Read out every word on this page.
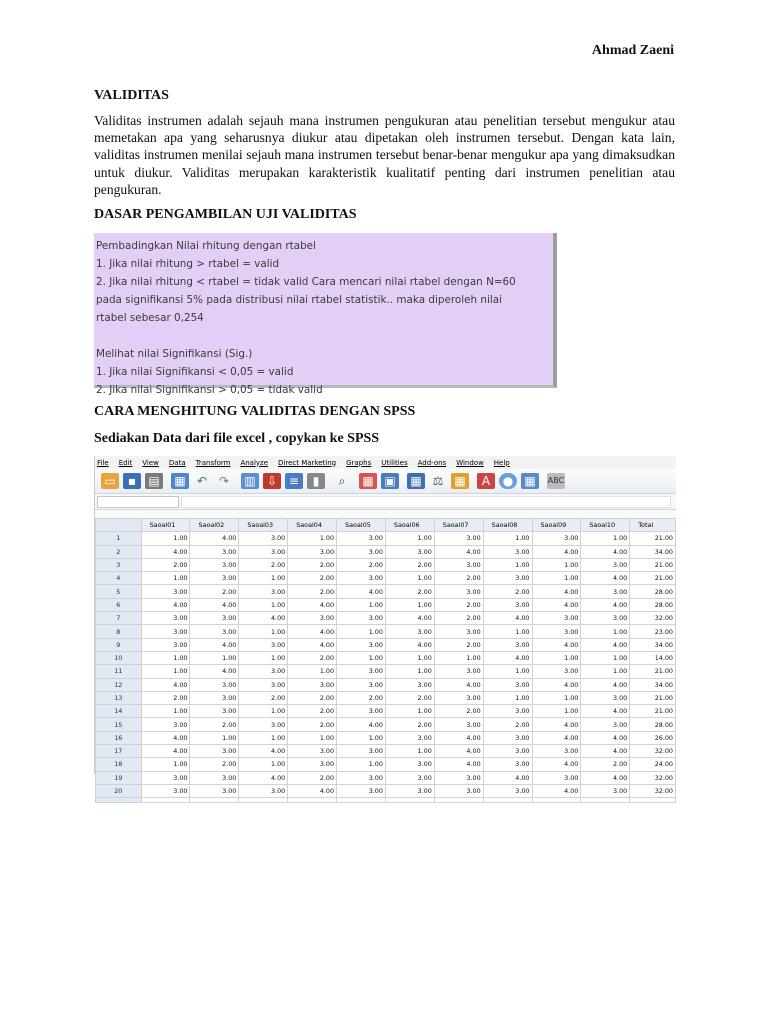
Ahmad Zaeni
VALIDITAS

Validitas instrumen adalah sejauh mana instrumen pengukuran atau penelitian tersebut mengukur atau memetakan apa yang seharusnya diukur atau dipetakan oleh instrumen tersebut. Dengan kata lain, validitas instrumen menilai sejauh mana instrumen tersebut benar-benar mengukur apa yang dimaksudkan untuk diukur. Validitas merupakan karakteristik kualitatif penting dari instrumen penelitian atau pengukuran.

DASAR PENGAMBILAN UJI VALIDITAS
Pembadingkan Nilai rhitung dengan rtabel
1. Jika nilai rhitung > rtabel = valid
2. Jika nilai rhitung < rtabel = tidak valid Cara mencari nilai rtabel dengan N=60
pada signifikansi 5% pada distribusi nilai rtabel statistik.. maka diperoleh nilai
rtabel sebesar 0,254
Melihat nilai Signifikansi (Sig.)
1. Jika nilai Signifikansi < 0,05 = valid
2. Jika nilai Signifikansi > 0,05 = tidak valid
CARA MENGHITUNG VALIDITAS DENGAN SPSS
Sediakan Data dari file excel , copykan ke SPSS
File Edit View Data Transform Analyze Direct Marketing Graphs Utilities Add-ons Window Help
▭	▪	▤ ▦ ↶ ↷	▥ ⇩ ≡	▮	⌕	▦ ▣ ▦ ⚖ ▦	A	● ▦	ABC
	Saoal01	Saoal02	Saoal03	Saoal04	Saoal05	Saoal06	Saoal07	Saoal08	Saoal09	Saoal10	Total
1	1.00	4.00	3.00	1.00	3.00	1.00	3.00	1.00	3.00	1.00	21.00
2	4.00	3.00	3.00	3.00	3.00	3.00	4.00	3.00	4.00	4.00	34.00
3	2.00	3.00	2.00	2.00	2.00	2.00	3.00	1.00	1.00	3.00	21.00
4	1.00	3.00	1.00	2.00	3.00	1.00	2.00	3.00	1.00	4.00	21.00
5	3.00	2.00	3.00	2.00	4.00	2.00	3.00	2.00	4.00	3.00	28.00
6	4.00	4.00	1.00	4.00	1.00	1.00	2.00	3.00	4.00	4.00	28.00
7	3.00	3.00	4.00	3.00	3.00	4.00	2.00	4.00	3.00	3.00	32.00
8	3.00	3.00	1.00	4.00	1.00	3.00	3.00	1.00	3.00	1.00	23.00
9	3.00	4.00	3.00	4.00	3.00	4.00	2.00	3.00	4.00	4.00	34.00
10	1.00	1.00	1.00	2.00	1.00	1.00	1.00	4.00	1.00	1.00	14.00
11	1.00	4.00	3.00	1.00	3.00	1.00	3.00	1.00	3.00	1.00	21.00
12	4.00	3.00	3.00	3.00	3.00	3.00	4.00	3.00	4.00	4.00	34.00
13	2.00	3.00	2.00	2.00	2.00	2.00	3.00	1.00	1.00	3.00	21.00
14	1.00	3.00	1.00	2.00	3.00	1.00	2.00	3.00	1.00	4.00	21.00
15	3.00	2.00	3.00	2.00	4.00	2.00	3.00	2.00	4.00	3.00	28.00
16	4.00	1.00	1.00	1.00	1.00	3.00	4.00	3.00	4.00	4.00	26.00
17	4.00	3.00	4.00	3.00	3.00	1.00	4.00	3.00	3.00	4.00	32.00
18	1.00	2.00	1.00	3.00	1.00	3.00	4.00	3.00	4.00	2.00	24.00
19	3.00	3.00	4.00	2.00	3.00	3.00	3.00	4.00	3.00	4.00	32.00
20	3.00	3.00	3.00	4.00	3.00	3.00	3.00	3.00	4.00	3.00	32.00
